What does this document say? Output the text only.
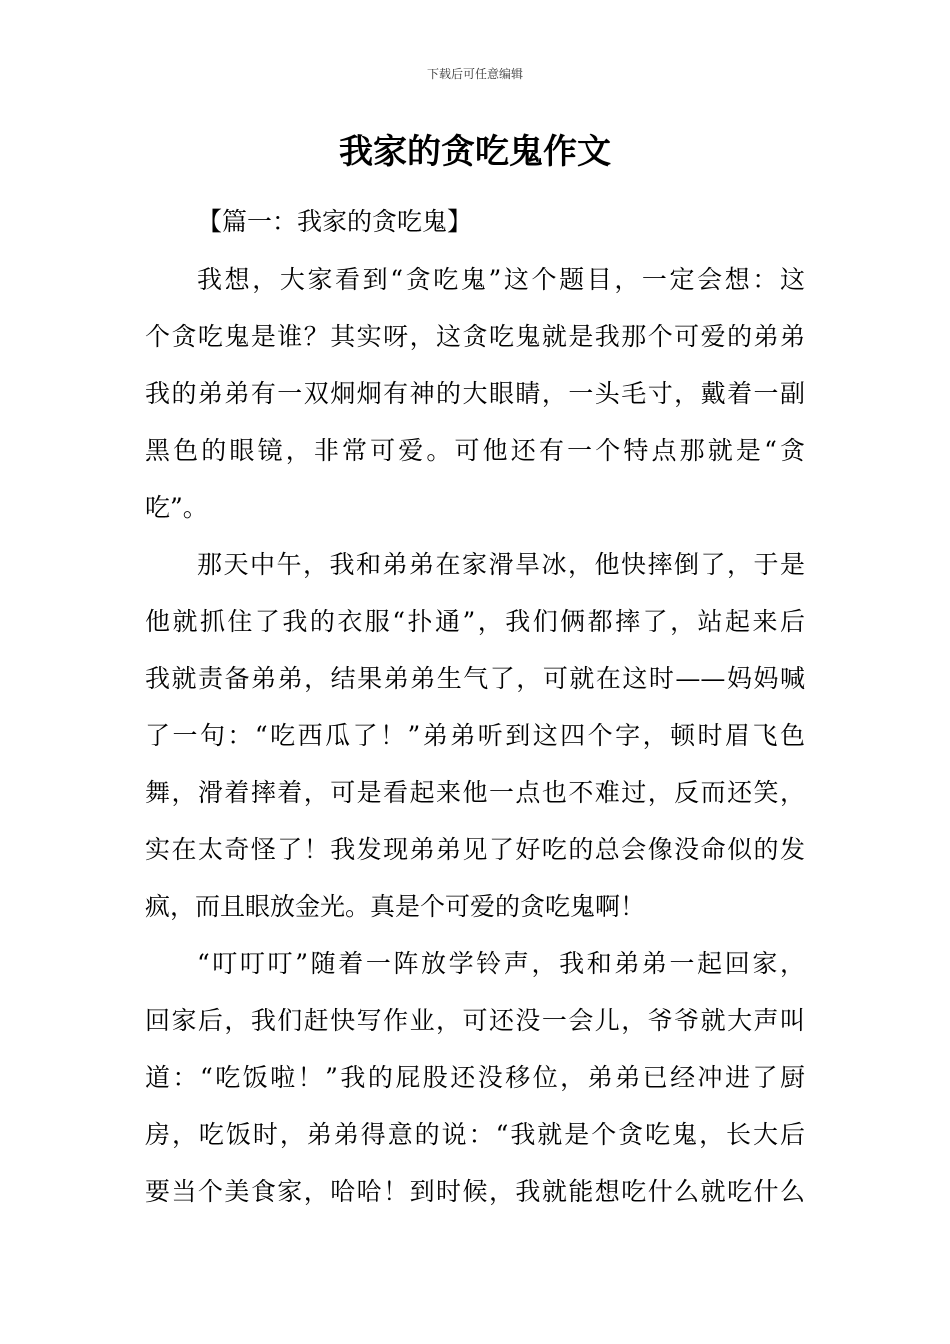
下载后可任意编辑
我家的贪吃鬼作文
【篇一：我家的贪吃鬼】
我想，大家看到“贪吃鬼”这个题目，一定会想：这
个贪吃鬼是谁？其实呀，这贪吃鬼就是我那个可爱的弟弟
我的弟弟有一双炯炯有神的大眼睛，一头毛寸，戴着一副
黑色的眼镜，非常可爱。可他还有一个特点那就是“贪
吃”。
那天中午，我和弟弟在家滑旱冰，他快摔倒了，于是
他就抓住了我的衣服“扑通”，我们俩都摔了，站起来后
我就责备弟弟，结果弟弟生气了，可就在这时——妈妈喊
了一句：“吃西瓜了！”弟弟听到这四个字，顿时眉飞色
舞，滑着摔着，可是看起来他一点也不难过，反而还笑，
实在太奇怪了！我发现弟弟见了好吃的总会像没命似的发
疯，而且眼放金光。真是个可爱的贪吃鬼啊！
“叮叮叮”随着一阵放学铃声，我和弟弟一起回家，
回家后，我们赶快写作业，可还没一会儿，爷爷就大声叫
道：“吃饭啦！”我的屁股还没移位，弟弟已经冲进了厨
房，吃饭时，弟弟得意的说：“我就是个贪吃鬼，长大后
要当个美食家，哈哈！到时候，我就能想吃什么就吃什么
